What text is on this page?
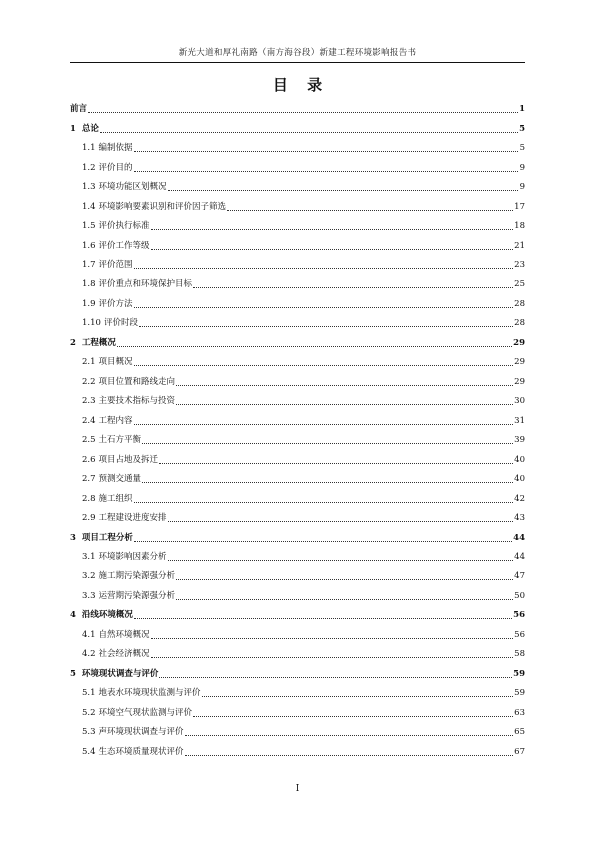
新光大道和厚礼南路（南方海谷段）新建工程环境影响报告书
目 录
前言	1
1 总论	5
1.1 编制依据	5
1.2 评价目的	9
1.3 环境功能区划概况	9
1.4 环境影响要素识别和评价因子筛选	17
1.5 评价执行标准	18
1.6 评价工作等级	21
1.7 评价范围	23
1.8 评价重点和环境保护目标	25
1.9 评价方法	28
1.10 评价时段	28
2 工程概况	29
2.1 项目概况	29
2.2 项目位置和路线走向	29
2.3 主要技术指标与投资	30
2.4 工程内容	31
2.5 土石方平衡	39
2.6 项目占地及拆迁	40
2.7 预测交通量	40
2.8 施工组织	42
2.9 工程建设进度安排	43
3 项目工程分析	44
3.1 环境影响因素分析	44
3.2 施工期污染源强分析	47
3.3 运营期污染源强分析	50
4 沿线环境概况	56
4.1 自然环境概况	56
4.2 社会经济概况	58
5 环境现状调查与评价	59
5.1 地表水环境现状监测与评价	59
5.2 环境空气现状监测与评价	63
5.3 声环境现状调查与评价	65
5.4 生态环境质量现状评价	67
I
